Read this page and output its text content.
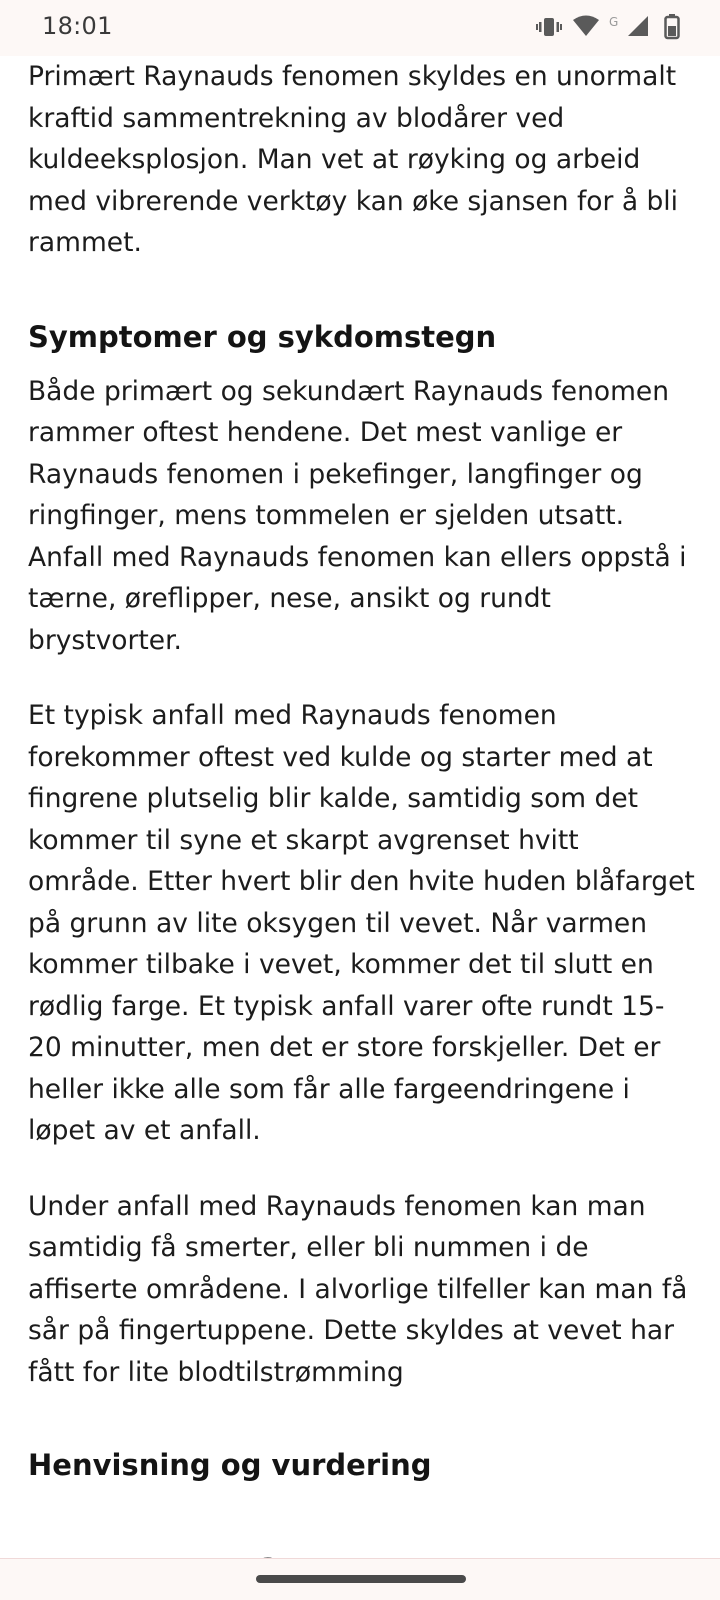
18:01	G

Primært Raynauds fenomen skyldes en unormalt kraftid sammentrekning av blodårer ved kuldeeksplosjon. Man vet at røyking og arbeid med vibrerende verktøy kan øke sjansen for å bli rammet.

Symptomer og sykdomstegn

Både primært og sekundært Raynauds fenomen rammer oftest hendene. Det mest vanlige er Raynauds fenomen i pekefinger, langfinger og ringfinger, mens tommelen er sjelden utsatt. Anfall med Raynauds fenomen kan ellers oppstå i tærne, øreflipper, nese, ansikt og rundt brystvorter.

Et typisk anfall med Raynauds fenomen forekommer oftest ved kulde og starter med at fingrene plutselig blir kalde, samtidig som det kommer til syne et skarpt avgrenset hvitt område. Etter hvert blir den hvite huden blåfarget på grunn av lite oksygen til vevet. Når varmen kommer tilbake i vevet, kommer det til slutt en rødlig farge. Et typisk anfall varer ofte rundt 15-20 minutter, men det er store forskjeller. Det er heller ikke alle som får alle fargeendringene i løpet av et anfall.

Under anfall med Raynauds fenomen kan man samtidig få smerter, eller bli nummen i de affiserte områdene. I alvorlige tilfeller kan man få sår på fingertuppene. Dette skyldes at vevet har fått for lite blodtilstrømming

Henvisning og vurdering
